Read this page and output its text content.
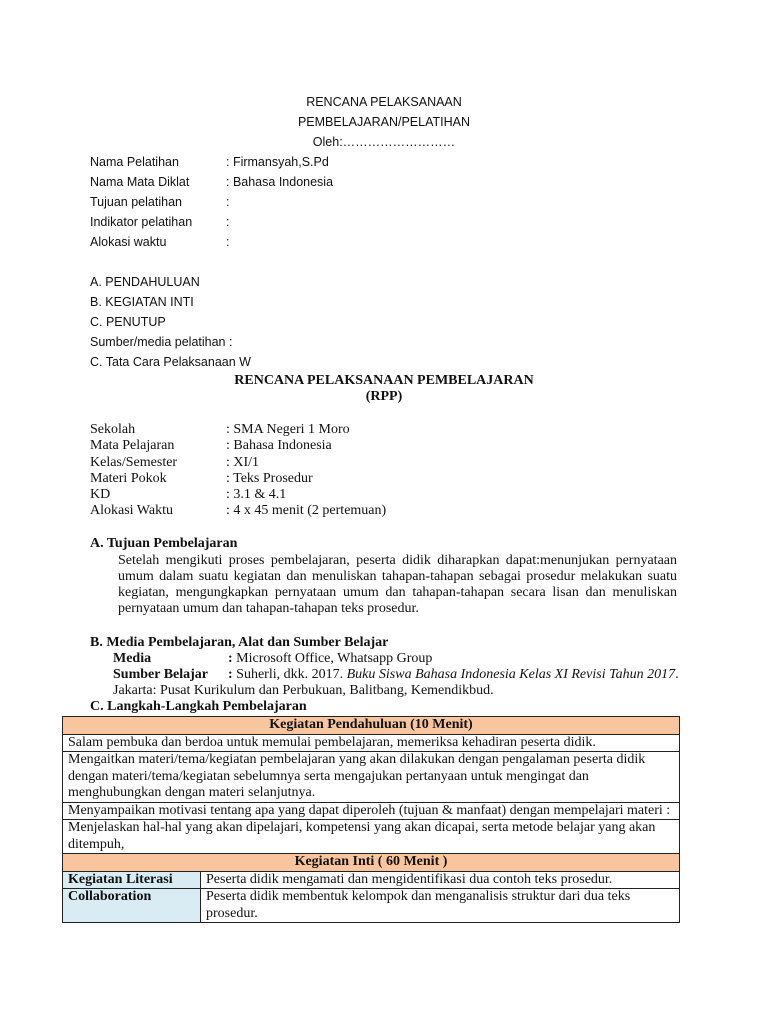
RENCANA PELAKSANAAN
PEMBELAJARAN/PELATIHAN
Oleh:………………………
Nama Pelatihan	: Firmansyah,S.Pd
Nama Mata Diklat	: Bahasa Indonesia
Tujuan pelatihan	:
Indikator pelatihan	:
Alokasi waktu	:
A. PENDAHULUAN
B. KEGIATAN INTI
C. PENUTUP
Sumber/media pelatihan :
C. Tata Cara Pelaksanaan W
RENCANA PELAKSANAAN PEMBELAJARAN
(RPP)
Sekolah	: SMA Negeri 1 Moro
Mata Pelajaran	: Bahasa Indonesia
Kelas/Semester	: XI/1
Materi Pokok	: Teks Prosedur
KD	: 3.1 & 4.1
Alokasi Waktu	: 4 x 45 menit (2 pertemuan)
A. Tujuan Pembelajaran
Setelah mengikuti proses pembelajaran, peserta didik diharapkan dapat:menunjukan pernyataan umum dalam suatu kegiatan dan menuliskan tahapan-tahapan sebagai prosedur melakukan suatu kegiatan, mengungkapkan pernyataan umum dan tahapan-tahapan secara lisan dan menuliskan pernyataan umum dan tahapan-tahapan teks prosedur.
B. Media Pembelajaran, Alat dan Sumber Belajar
Media	: Microsoft Office, Whatsapp Group
Sumber Belajar : Suherli, dkk. 2017. Buku Siswa Bahasa Indonesia Kelas XI Revisi Tahun 2017.
Jakarta: Pusat Kurikulum dan Perbukuan, Balitbang, Kemendikbud.
C. Langkah-Langkah Pembelajaran
Kegiatan Pendahuluan (10 Menit)	
Salam pembuka dan berdoa untuk memulai pembelajaran, memeriksa kehadiran peserta didik.	
Mengaitkan materi/tema/kegiatan pembelajaran yang akan dilakukan dengan pengalaman peserta didik dengan materi/tema/kegiatan sebelumnya serta mengajukan pertanyaan untuk mengingat dan menghubungkan dengan materi selanjutnya.	
Menyampaikan motivasi tentang apa yang dapat diperoleh (tujuan & manfaat) dengan mempelajari materi :	
Menjelaskan hal-hal yang akan dipelajari, kompetensi yang akan dicapai, serta metode belajar yang akan ditempuh,	
Kegiatan Inti ( 60 Menit )	
Kegiatan Literasi	Peserta didik mengamati dan mengidentifikasi dua contoh teks prosedur.
Collaboration	Peserta didik membentuk kelompok dan menganalisis struktur dari dua teks prosedur.
